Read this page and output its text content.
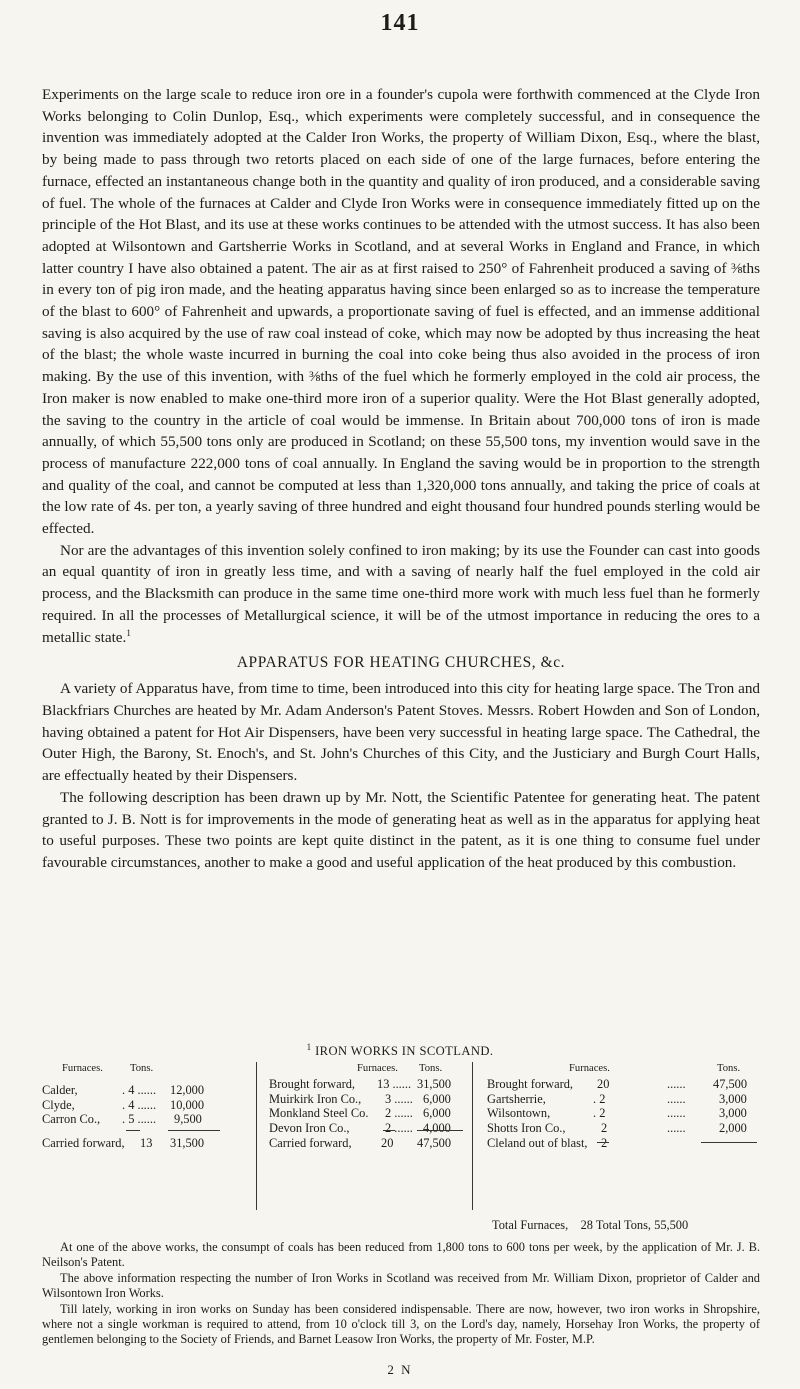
141

Experiments on the large scale to reduce iron ore in a founder's cupola were forthwith commenced at the Clyde Iron Works belonging to Colin Dunlop, Esq., which experiments were completely successful, and in consequence the invention was immediately adopted at the Calder Iron Works, the property of William Dixon, Esq., where the blast, by being made to pass through two retorts placed on each side of one of the large furnaces, before entering the furnace, effected an instantaneous change both in the quantity and quality of iron produced, and a considerable saving of fuel. The whole of the furnaces at Calder and Clyde Iron Works were in consequence immediately fitted up on the principle of the Hot Blast, and its use at these works continues to be attended with the utmost success. It has also been adopted at Wilsontown and Gartsherrie Works in Scotland, and at several Works in England and France, in which latter country I have also obtained a patent. The air as at first raised to 250° of Fahrenheit produced a saving of ⅜ths in every ton of pig iron made, and the heating apparatus having since been enlarged so as to increase the temperature of the blast to 600° of Fahrenheit and upwards, a proportionate saving of fuel is effected, and an immense additional saving is also acquired by the use of raw coal instead of coke, which may now be adopted by thus increasing the heat of the blast; the whole waste incurred in burning the coal into coke being thus also avoided in the process of iron making. By the use of this invention, with ⅜ths of the fuel which he formerly employed in the cold air process, the Iron maker is now enabled to make one-third more iron of a superior quality. Were the Hot Blast generally adopted, the saving to the country in the article of coal would be immense. In Britain about 700,000 tons of iron is made annually, of which 55,500 tons only are produced in Scotland; on these 55,500 tons, my invention would save in the process of manufacture 222,000 tons of coal annually. In England the saving would be in proportion to the strength and quality of the coal, and cannot be computed at less than 1,320,000 tons annually, and taking the price of coals at the low rate of 4s. per ton, a yearly saving of three hundred and eight thousand four hundred pounds sterling would be effected.

Nor are the advantages of this invention solely confined to iron making; by its use the Founder can cast into goods an equal quantity of iron in greatly less time, and with a saving of nearly half the fuel employed in the cold air process, and the Blacksmith can produce in the same time one-third more work with much less fuel than he formerly required. In all the processes of Metallurgical science, it will be of the utmost importance in reducing the ores to a metallic state.$^1$

APPARATUS FOR HEATING CHURCHES, &c.

A variety of Apparatus have, from time to time, been introduced into this city for heating large space. The Tron and Blackfriars Churches are heated by Mr. Adam Anderson's Patent Stoves. Messrs. Robert Howden and Son of London, having obtained a patent for Hot Air Dispensers, have been very successful in heating large space. The Cathedral, the Outer High, the Barony, St. Enoch's, and St. John's Churches of this City, and the Justiciary and Burgh Court Halls, are effectually heated by their Dispensers.

The following description has been drawn up by Mr. Nott, the Scientific Patentee for generating heat. The patent granted to J. B. Nott is for improvements in the mode of generating heat as well as in the apparatus for applying heat to useful purposes. These two points are kept quite distinct in the patent, as it is one thing to consume fuel under favourable circumstances, another to make a good and useful application of the heat produced by this combustion.

$^1$ IRON WORKS IN SCOTLAND.
Furnaces.	Tons.
Calder,	. 4 ...... 12,000
Clyde,	. 4 ...... 10,000
Carron Co., . 5 ...... 9,500
Carried forward, 13 31,500
Furnaces. Tons.
Brought forward, 13 ...... 31,500
Muirkirk Iron Co., 3 ...... 6,000
Monkland Steel Co. 2 ...... 6,000
Devon Iron Co.,	2 ...... 4,000
Carried forward, 20 47,500
Furnaces.	Tons.
Brought forward, 20	...... 47,500
Gartsherrie,	. 2	......	3,000
Wilsontown,	. 2	......	3,000
Shotts Iron Co.,	2	......	2,000
Cleland out of blast, 2
Total Furnaces,    28 Total Tons, 55,500

At one of the above works, the consumpt of coals has been reduced from 1,800 tons to 600 tons per week, by the application of Mr. J. B. Neilson's Patent.

The above information respecting the number of Iron Works in Scotland was received from Mr. William Dixon, proprietor of Calder and Wilsontown Iron Works.

Till lately, working in iron works on Sunday has been considered indispensable. There are now, however, two iron works in Shropshire, where not a single workman is required to attend, from 10 o'clock till 3, on the Lord's day, namely, Horsehay Iron Works, the property of gentlemen belonging to the Society of Friends, and Barnet Leasow Iron Works, the property of Mr. Foster, M.P.

2 N
